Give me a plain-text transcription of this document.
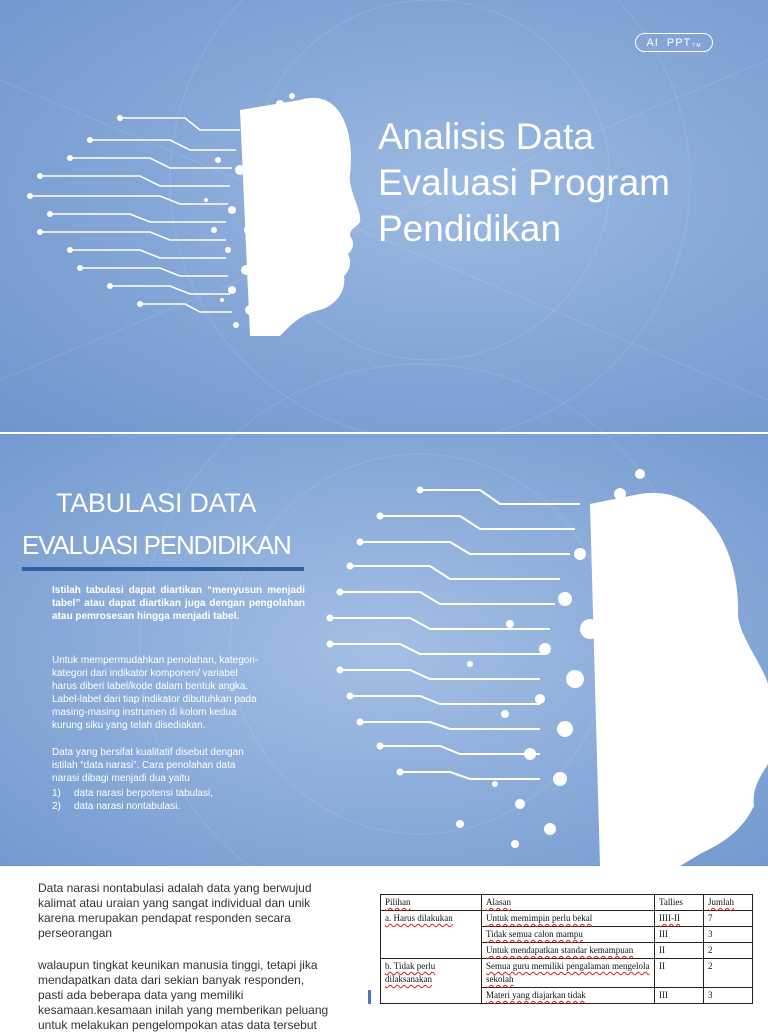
AI PPT TM
Analisis Data
Evaluasi Program
Pendidikan
TABULASI DATA
EVALUASI PENDIDIKAN
Istilah tabulasi dapat diartikan “menyusun menjadi tabel” atau dapat diartikan juga dengan pengolahan atau pemrosesan hingga menjadi tabel.
Untuk mempermudahkan penolahan, kategori-
kategori dari indikator komponen/ variabel
harus diberi label/kode dalam bentuk angka.
Label-label dari tiap indikator dibutuhkan pada
masing-masing instrumen di kolom kedua
kurung siku yang telah disediakan.
Data yang bersifat kualitatif disebut dengan
istilah “data narasi”. Cara penolahan data
narasi dibagi menjadi dua yaitu
1)	data narasi berpotensi tabulasi,
2)	data narasi nontabulasi.
Data narasi nontabulasi adalah data yang berwujud
kalimat atau uraian yang sangat individual dan unik
karena merupakan pendapat responden secara
perseorangan
walaupun tingkat keunikan manusia tinggi, tetapi jika
mendapatkan data dari sekian banyak responden,
pasti ada beberapa data yang memiliki
kesamaan.kesamaan inilah yang memberikan peluang
untuk melakukan pengelompokan atas data tersebut
Pilihan	Alasan	Tallies	Jumlah
a. Harus dilakukan	Untuk memimpin perlu bekal	IIII-II	7
	Tidak semua calon mampu	III	3
	Untuk mendapatkan standar kemampuan	II	2
b. Tidak perlu dilaksanakan	Semua guru memiliki pengalaman mengelola sekolah	II	2
	Materi yang diajarkan tidak	III	3
